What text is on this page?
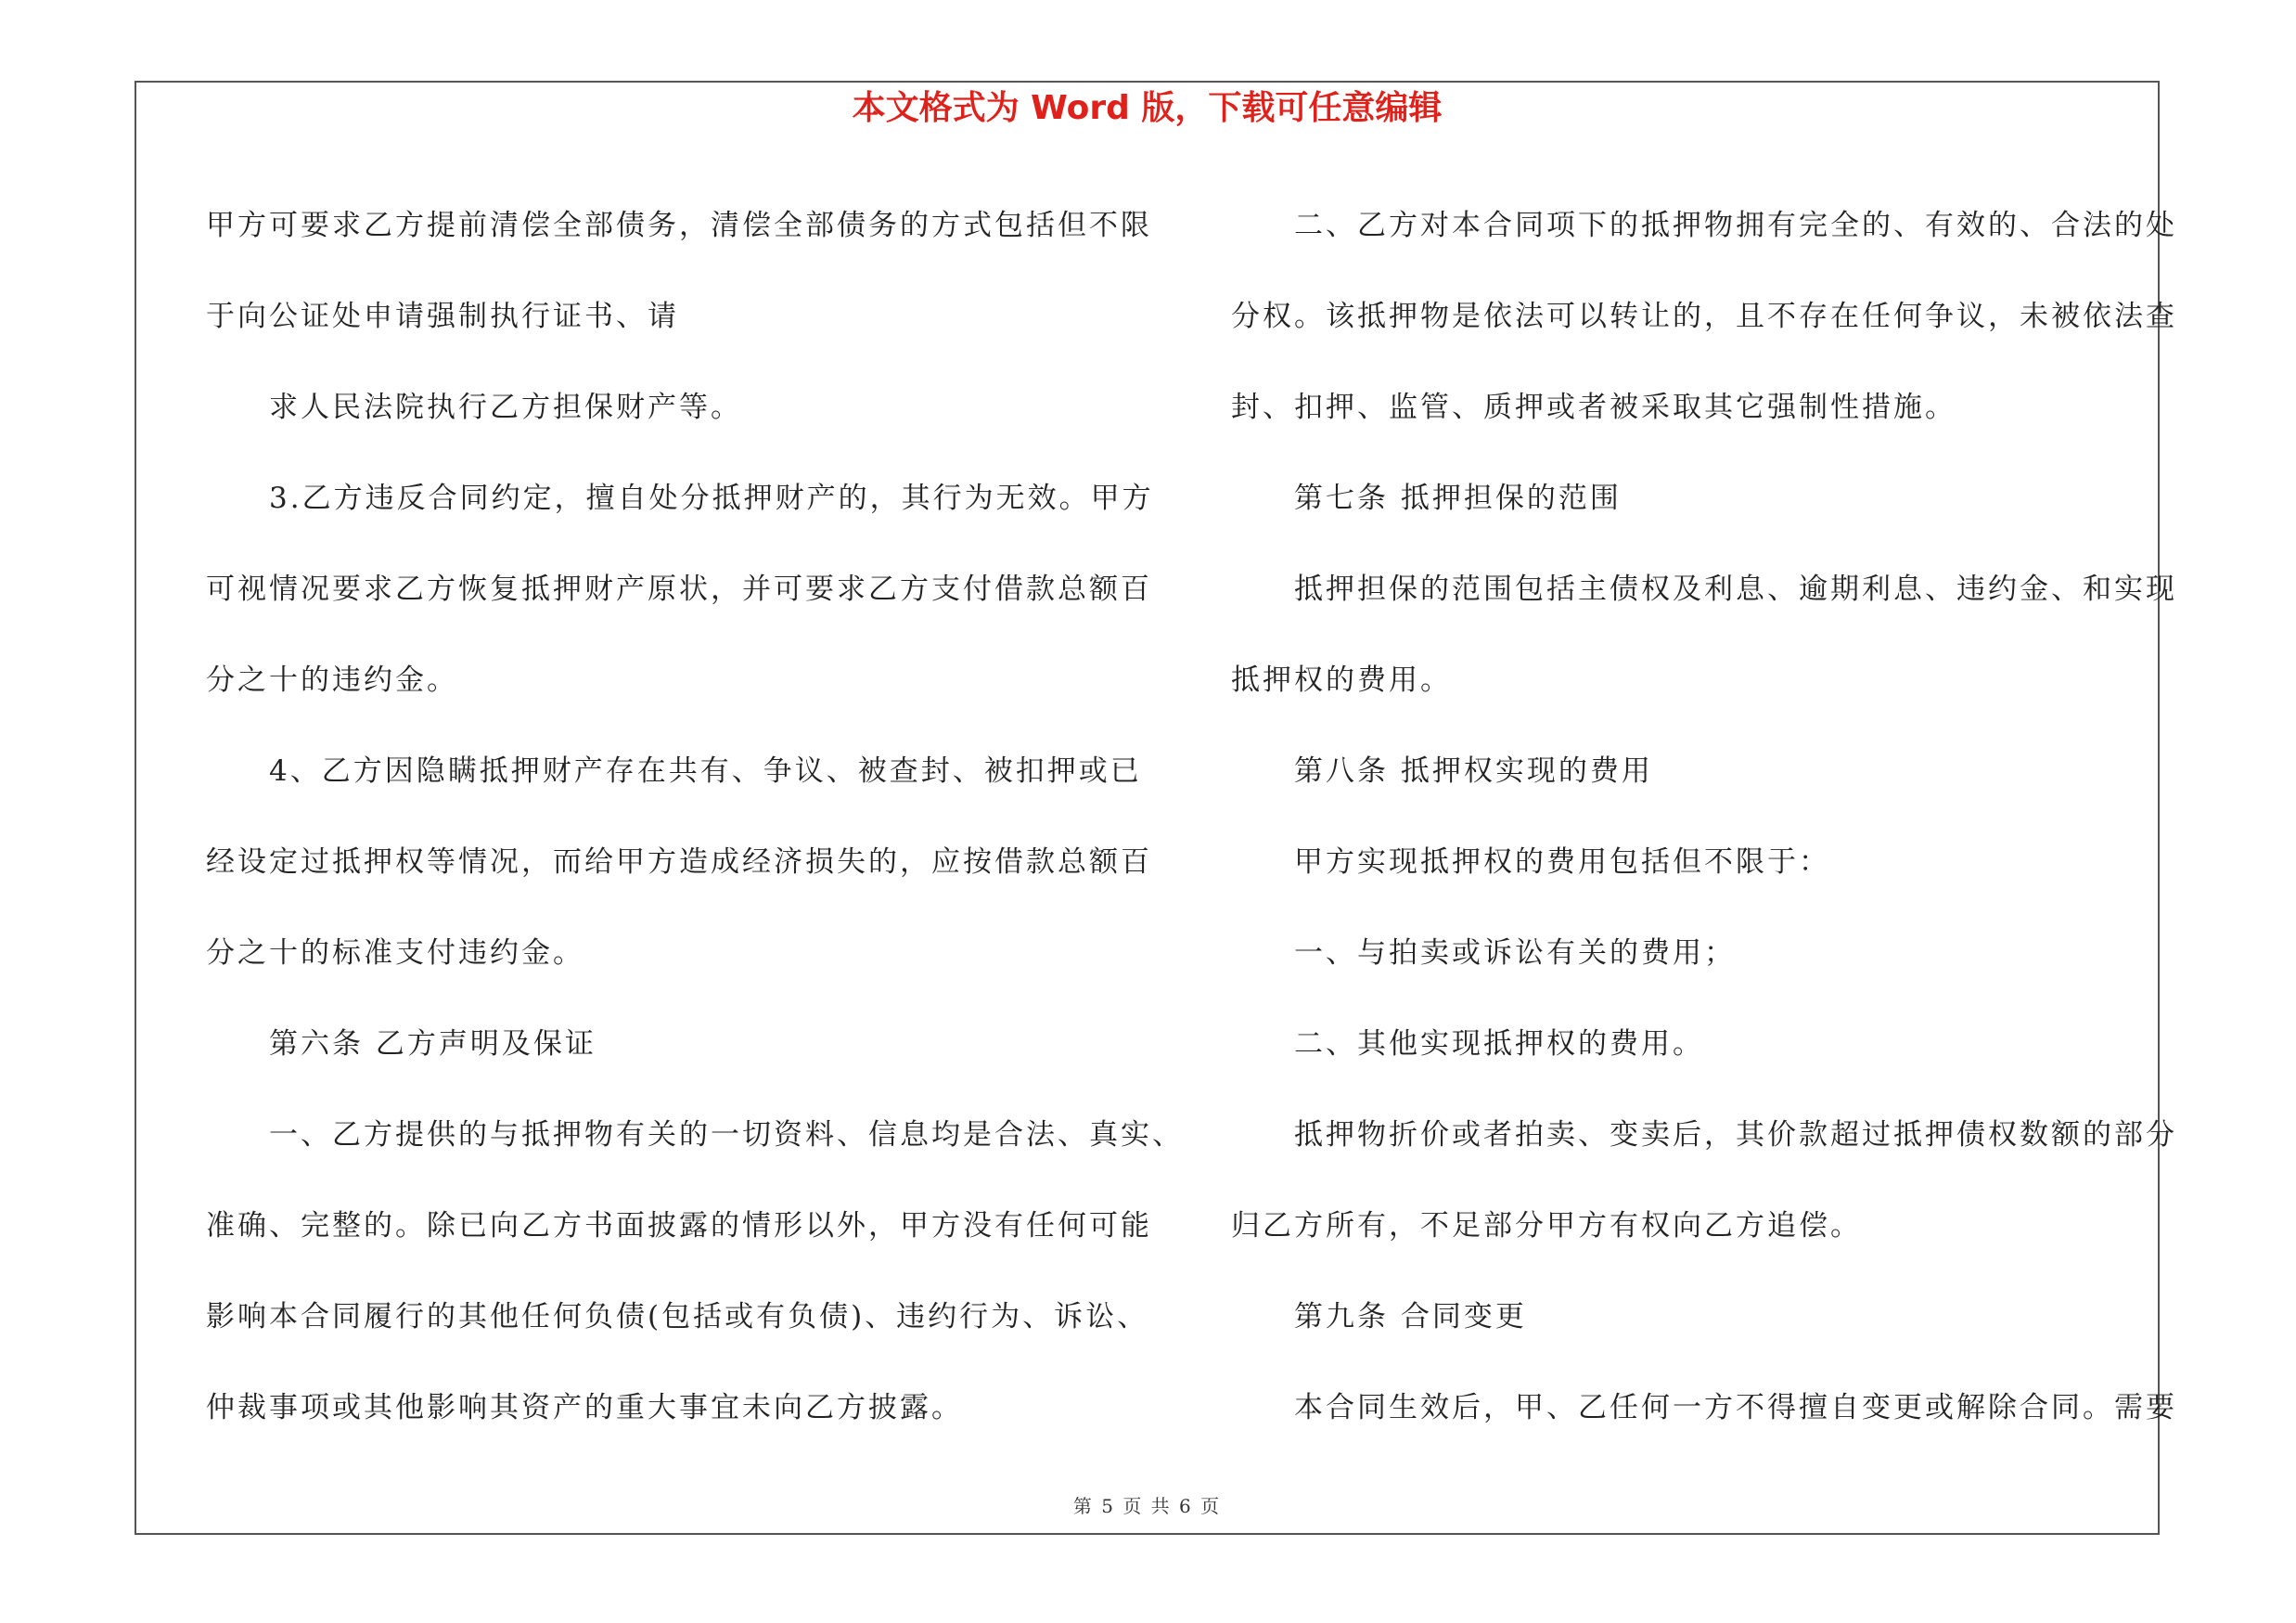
本文格式为 Word 版，下载可任意编辑

甲方可要求乙方提前清偿全部债务，清偿全部债务的方式包括但不限

于向公证处申请强制执行证书、请

求人民法院执行乙方担保财产等。

3.乙方违反合同约定，擅自处分抵押财产的，其行为无效。甲方

可视情况要求乙方恢复抵押财产原状，并可要求乙方支付借款总额百

分之十的违约金。

4、乙方因隐瞒抵押财产存在共有、争议、被查封、被扣押或已

经设定过抵押权等情况，而给甲方造成经济损失的，应按借款总额百

分之十的标准支付违约金。

第六条 乙方声明及保证

一、乙方提供的与抵押物有关的一切资料、信息均是合法、真实、

准确、完整的。除已向乙方书面披露的情形以外，甲方没有任何可能

影响本合同履行的其他任何负债(包括或有负债)、违约行为、诉讼、

仲裁事项或其他影响其资产的重大事宜未向乙方披露。

二、乙方对本合同项下的抵押物拥有完全的、有效的、合法的处

分权。该抵押物是依法可以转让的，且不存在任何争议，未被依法查

封、扣押、监管、质押或者被采取其它强制性措施。

第七条 抵押担保的范围

抵押担保的范围包括主债权及利息、逾期利息、违约金、和实现

抵押权的费用。

第八条 抵押权实现的费用

甲方实现抵押权的费用包括但不限于：

一、与拍卖或诉讼有关的费用；

二、其他实现抵押权的费用。

抵押物折价或者拍卖、变卖后，其价款超过抵押债权数额的部分

归乙方所有，不足部分甲方有权向乙方追偿。

第九条 合同变更

本合同生效后，甲、乙任何一方不得擅自变更或解除合同。需要

第 5 页 共 6 页
